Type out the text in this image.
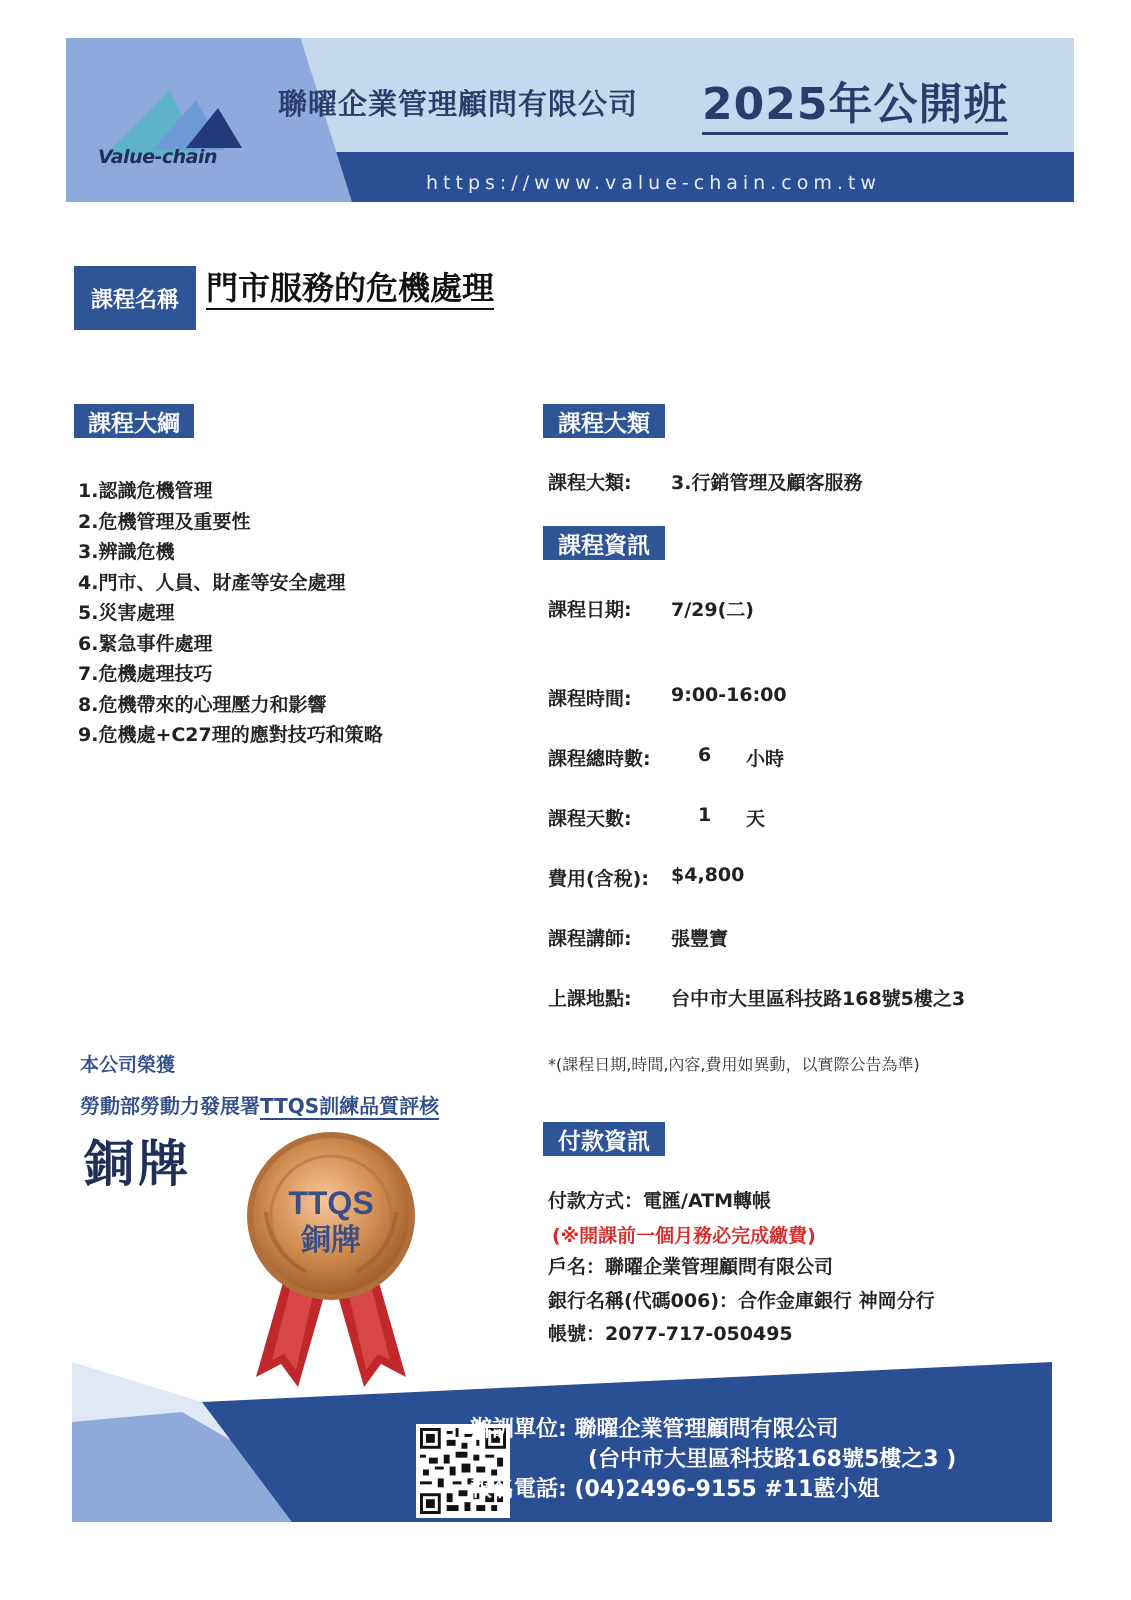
Value-chain
聯曜企業管理顧問有限公司 2025年公開班
https://www.value-chain.com.tw
課程名稱 門市服務的危機處理
課程大綱
1.認識危機管理
2.危機管理及重要性
3.辨識危機
4.門市、人員、財產等安全處理
5.災害處理
6.緊急事件處理
7.危機處理技巧
8.危機帶來的心理壓力和影響
9.危機處+C27理的應對技巧和策略
課程大類
課程大類: 3.行銷管理及顧客服務
課程資訊
課程日期: 7/29(二)
課程時間: 9:00-16:00
課程總時數: 6 小時
課程天數:	1 天
費用(含稅): $4,800
課程講師: 張豐寶
上課地點: 台中市大里區科技路168號5樓之3
*(課程日期,時間,內容,費用如異動，以實際公告為準)
本公司榮獲
勞動部勞動力發展署TTQS訓練品質評核
銅牌
TTQS
銅牌
付款資訊
付款方式：電匯/ATM轉帳
(※開課前一個月務必完成繳費)
戶名：聯曜企業管理顧問有限公司
銀行名稱(代碼006)：合作金庫銀行 神岡分行
帳號：2077-717-050495
辦訓單位: 聯曜企業管理顧問有限公司
(台中市大里區科技路168號5樓之3 )
報名電話: (04)2496-9155 #11藍小姐
